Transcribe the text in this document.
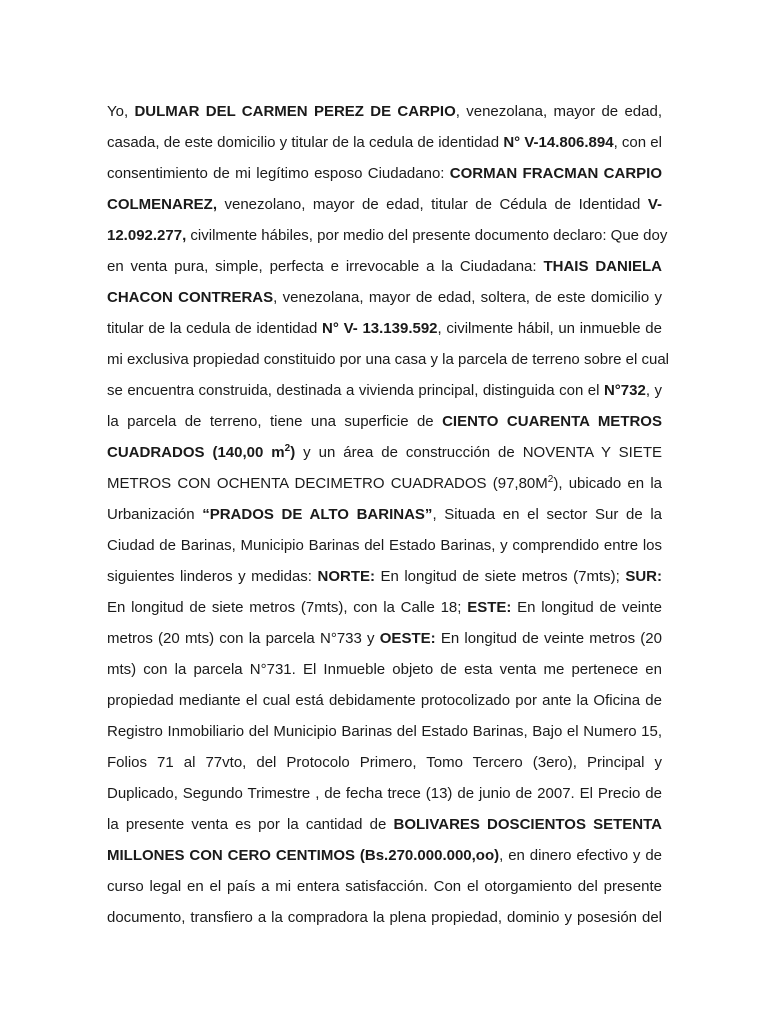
Yo, DULMAR DEL CARMEN PEREZ DE CARPIO, venezolana, mayor de edad,
casada, de este domicilio y titular de la cedula de identidad N° V-14.806.894, con el
consentimiento de mi legítimo esposo Ciudadano: CORMAN FRACMAN CARPIO
COLMENAREZ, venezolano, mayor de edad, titular de Cédula de Identidad V-
12.092.277, civilmente hábiles, por medio del presente documento declaro: Que doy
en venta pura, simple, perfecta e irrevocable a la Ciudadana: THAIS DANIELA
CHACON CONTRERAS, venezolana, mayor de edad, soltera, de este domicilio y
titular de la cedula de identidad N° V- 13.139.592, civilmente hábil, un inmueble de
mi exclusiva propiedad constituido por una casa y la parcela de terreno sobre el cual
se encuentra construida, destinada a vivienda principal, distinguida con el N°732, y
la parcela de terreno, tiene una superficie de CIENTO CUARENTA METROS
CUADRADOS (140,00 $m^2$) y un área de construcción de NOVENTA Y SIETE
METROS CON OCHENTA DECIMETRO CUADRADOS $(97,80M^2)$, ubicado en la
Urbanización “PRADOS DE ALTO BARINAS”, Situada en el sector Sur de la
Ciudad de Barinas, Municipio Barinas del Estado Barinas, y comprendido entre los
siguientes linderos y medidas: NORTE: En longitud de siete metros (7mts); SUR:
En longitud de siete metros (7mts), con la Calle 18; ESTE: En longitud de veinte
metros (20 mts) con la parcela N°733 y OESTE: En longitud de veinte metros (20
mts) con la parcela N°731. El Inmueble objeto de esta venta me pertenece en
propiedad mediante el cual está debidamente protocolizado por ante la Oficina de
Registro Inmobiliario del Municipio Barinas del Estado Barinas, Bajo el Numero 15,
Folios 71 al 77vto, del Protocolo Primero, Tomo Tercero (3ero), Principal y
Duplicado, Segundo Trimestre , de fecha trece (13) de junio de 2007. El Precio de
la presente venta es por la cantidad de BOLIVARES DOSCIENTOS SETENTA
MILLONES CON CERO CENTIMOS (Bs.270.000.000,oo), en dinero efectivo y de
curso legal en el país a mi entera satisfacción. Con el otorgamiento del presente
documento, transfiero a la compradora la plena propiedad, dominio y posesión del
